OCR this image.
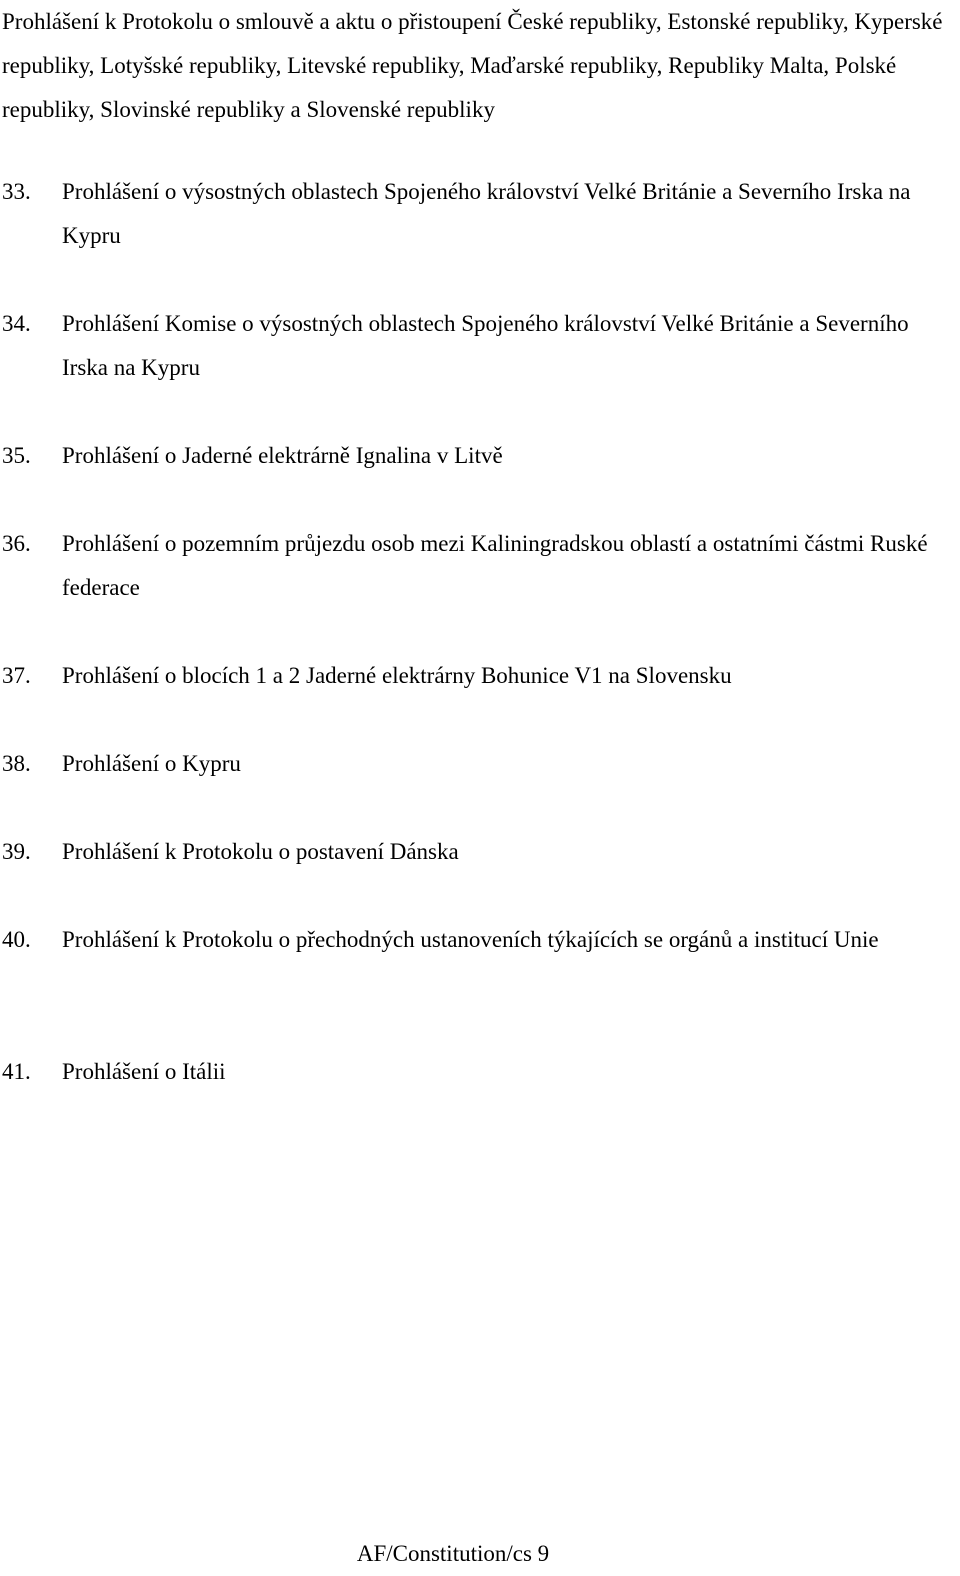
Prohlášení k Protokolu o smlouvě a aktu o přistoupení České republiky, Estonské republiky, Kyperské republiky, Lotyšské republiky, Litevské republiky, Maďarské republiky, Republiky Malta, Polské republiky, Slovinské republiky a Slovenské republiky

33. Prohlášení o výsostných oblastech Spojeného království Velké Británie a Severního Irska na Kypru
34. Prohlášení Komise o výsostných oblastech Spojeného království Velké Británie a Severního Irska na Kypru
35. Prohlášení o Jaderné elektrárně Ignalina v Litvě
36. Prohlášení o pozemním průjezdu osob mezi Kaliningradskou oblastí a ostatními částmi Ruské federace
37. Prohlášení o blocích 1 a 2 Jaderné elektrárny Bohunice V1 na Slovensku
38. Prohlášení o Kypru
39. Prohlášení k Protokolu o postavení Dánska
40. Prohlášení k Protokolu o přechodných ustanoveních týkajících se orgánů a institucí Unie
41. Prohlášení o Itálii
AF/Constitution/cs 9
